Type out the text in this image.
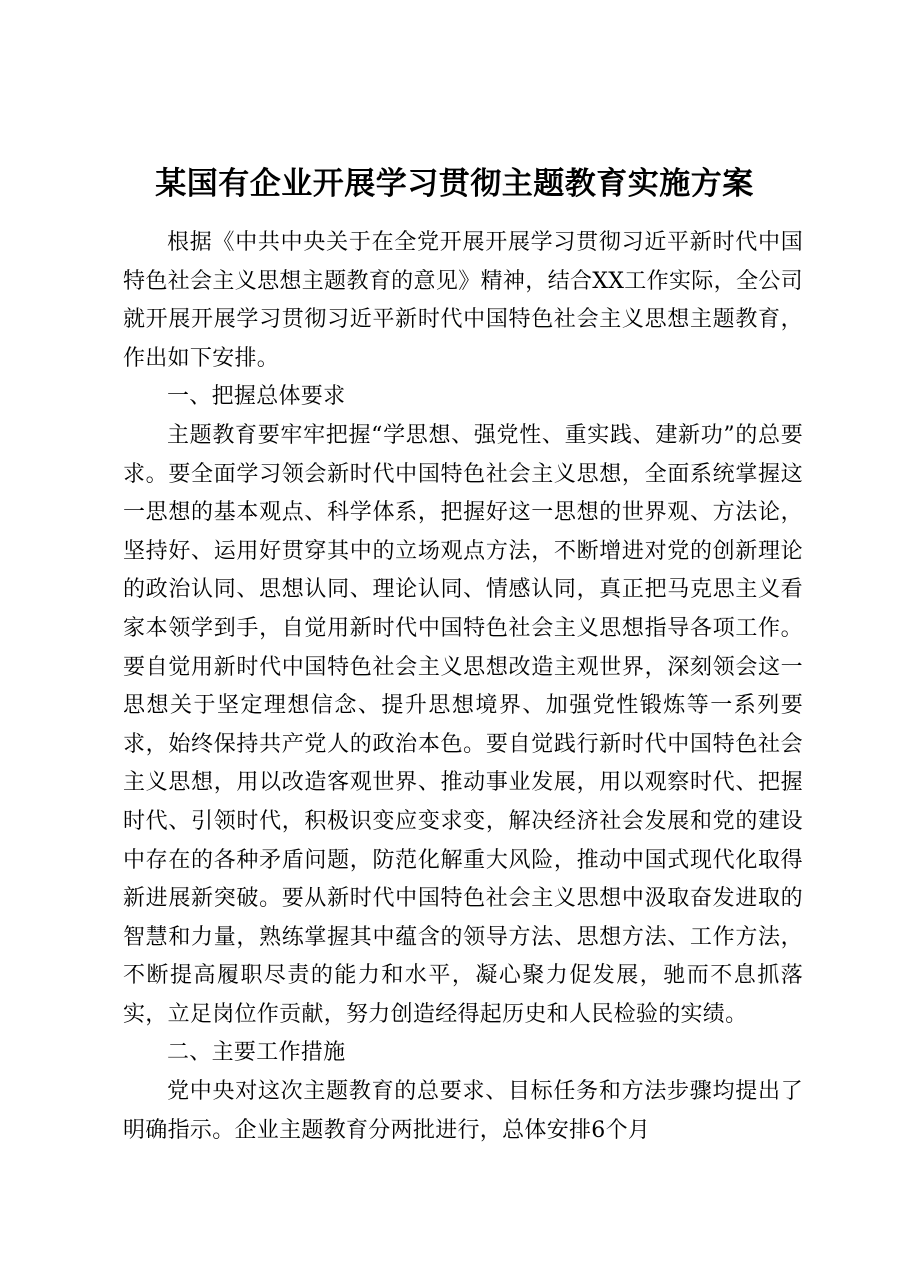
某国有企业开展学习贯彻主题教育实施方案

根据《中共中央关于在全党开展开展学习贯彻习近平新时代中国特色社会主义思想主题教育的意见》精神，结合XX工作实际，全公司就开展开展学习贯彻习近平新时代中国特色社会主义思想主题教育，作出如下安排。

一、把握总体要求

主题教育要牢牢把握“学思想、强党性、重实践、建新功”的总要求。要全面学习领会新时代中国特色社会主义思想，全面系统掌握这一思想的基本观点、科学体系，把握好这一思想的世界观、方法论，坚持好、运用好贯穿其中的立场观点方法，不断增进对党的创新理论的政治认同、思想认同、理论认同、情感认同，真正把马克思主义看家本领学到手，自觉用新时代中国特色社会主义思想指导各项工作。要自觉用新时代中国特色社会主义思想改造主观世界，深刻领会这一思想关于坚定理想信念、提升思想境界、加强党性锻炼等一系列要求，始终保持共产党人的政治本色。要自觉践行新时代中国特色社会主义思想，用以改造客观世界、推动事业发展，用以观察时代、把握时代、引领时代，积极识变应变求变，解决经济社会发展和党的建设中存在的各种矛盾问题，防范化解重大风险，推动中国式现代化取得新进展新突破。要从新时代中国特色社会主义思想中汲取奋发进取的智慧和力量，熟练掌握其中蕴含的领导方法、思想方法、工作方法，不断提高履职尽责的能力和水平，凝心聚力促发展，驰而不息抓落实，立足岗位作贡献，努力创造经得起历史和人民检验的实绩。

二、主要工作措施

党中央对这次主题教育的总要求、目标任务和方法步骤均提出了明确指示。企业主题教育分两批进行，总体安排6个月
